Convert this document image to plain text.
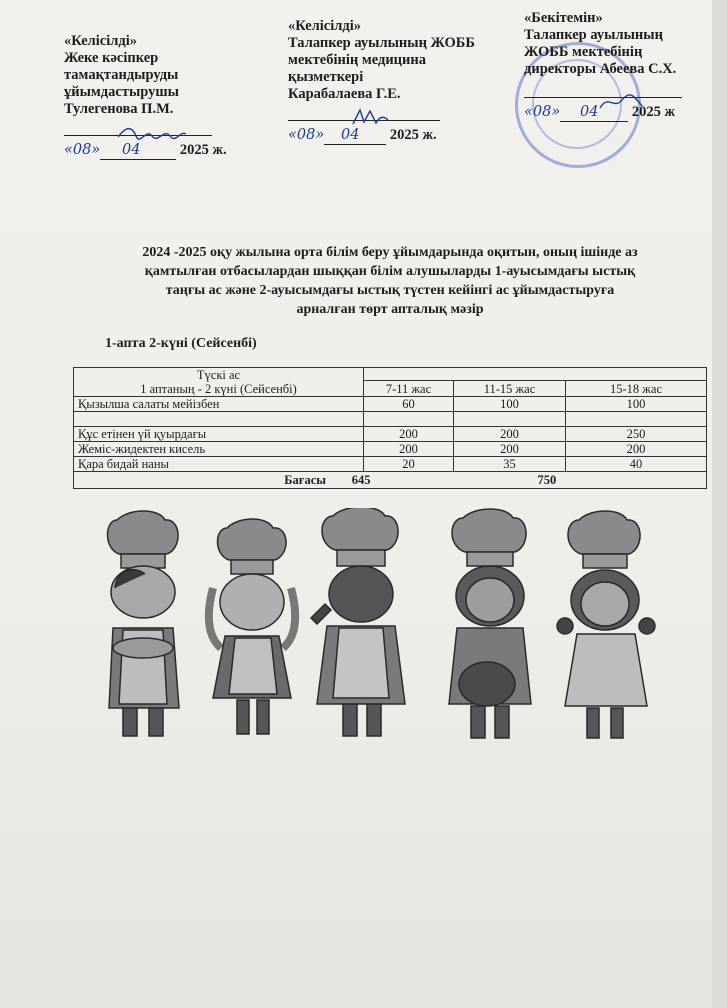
«Келісілді»
Жеке кәсіпкер
тамақтандыруды
ұйымдастырушы
Тулегенова П.М.
«08» 04	2025 ж.
«Келісілді»
Талапкер ауылының ЖОББ
мектебінің медицина
қызметкері
Карабалаева Г.Е.
«08» 04 2025 ж.
«Бекітемін»
Талапкер ауылының
ЖОББ мектебінің
директоры Абеева С.Х.
«08» 04 2025 ж
2024 -2025 оқу жылына орта білім беру ұйымдарында оқитын, оның ішінде аз
қамтылған отбасылардан шыққан білім алушыларды 1-ауысымдағы ыстық
таңғы ас және 2-ауысымдағы ыстық түстен кейінгі ас ұйымдастыруға
арналған төрт апталық мәзір
1-апта 2-күні (Сейсенбі)
Түскі ас
1 аптаның - 2 күні (Сейсенбі)			

	7-11 жас	11-15 жас	15-18 жас
Қызылша салаты мейізбен	60	100	100

Құс етінен үй қуырдағы	200	200	250
Жеміс-жидектен кисель	200	200	200
Қара бидай наны	20	35	40
Бағасы 645 750			
